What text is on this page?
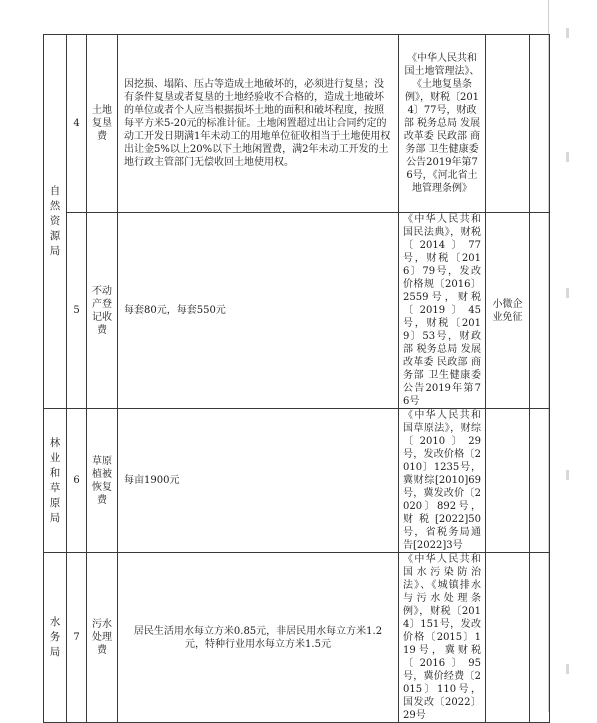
自然资源局	4	土地复垦费	因挖损、塌陷、压占等造成土地破坏的，必须进行复垦；没有条件复垦或者复垦的土地经验收不合格的，造成土地破坏的单位或者个人应当根据损坏土地的面积和破坏程度，按照每平方米5-20元的标准计征。土地闲置超过出让合同约定的动工开发日期满1年未动工的用地单位征收相当于土地使用权出让金5%以上20%以下土地闲置费，满2年未动工开发的土地行政主管部门无偿收回土地使用权。	《中华人民共和国土地管理法》、《土地复垦条例》，财税〔2014〕77号，财政部 税务总局 发展改革委 民政部 商务部 卫生健康委公告2019年第76号，《河北省土地管理条例》		
	5	不动产登记收费	每套80元，每套550元	《中华人民共和国民法典》，财税〔2014〕77号，财税〔2016〕79号，发改价格规〔2016〕2559号，财税〔2019〕45号，财税〔2019〕53号，财政部 税务总局 发展改革委 民政部 商务部 卫生健康委公告2019年第76号	小微企业免征	
林业和草原局	6	草原植被恢复费	每亩1900元	《中华人民共和国草原法》，财综〔2010〕29号，发改价格〔2010〕1235号，冀财综[2010]69号，冀发改价〔2020〕892号，财税[2022]50号，省税务局通告[2022]3号		
水务局	7	污水处理费	居民生活用水每立方米0.85元，非居民用水每立方米1.2元，特种行业用水每立方米1.5元	《中华人民共和国水污染防治法》、《城镇排水与污水处理条例》，财税〔2014〕151号，发改价格〔2015〕119号，冀财税〔2016〕95号，冀价经费〔2015〕110号，国发改〔2022〕29号		
